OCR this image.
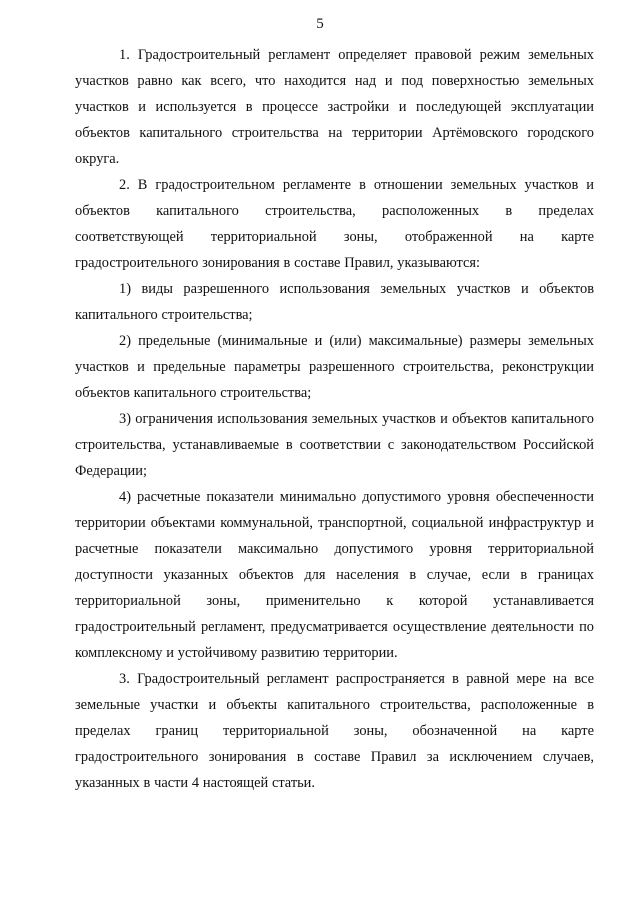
5

1. Градостроительный регламент определяет правовой режим земельных участков равно как всего, что находится над и под поверхностью земельных участков и используется в процессе застройки и последующей эксплуатации объектов капитального строительства на территории Артёмовского городского округа.

2. В градостроительном регламенте в отношении земельных участков и объектов капитального строительства, расположенных в пределах соответствующей территориальной зоны, отображенной на карте градостроительного зонирования в составе Правил, указываются:

1) виды разрешенного использования земельных участков и объектов капитального строительства;

2) предельные (минимальные и (или) максимальные) размеры земельных участков и предельные параметры разрешенного строительства, реконструкции объектов капитального строительства;

3) ограничения использования земельных участков и объектов капитального строительства, устанавливаемые в соответствии с законодательством Российской Федерации;

4) расчетные показатели минимально допустимого уровня обеспеченности территории объектами коммунальной, транспортной, социальной инфраструктур и расчетные показатели максимально допустимого уровня территориальной доступности указанных объектов для населения в случае, если в границах территориальной зоны, применительно к которой устанавливается градостроительный регламент, предусматривается осуществление деятельности по комплексному и устойчивому развитию территории.

3. Градостроительный регламент распространяется в равной мере на все земельные участки и объекты капитального строительства, расположенные в пределах границ территориальной зоны, обозначенной на карте градостроительного зонирования в составе Правил за исключением случаев, указанных в части 4 настоящей статьи.
